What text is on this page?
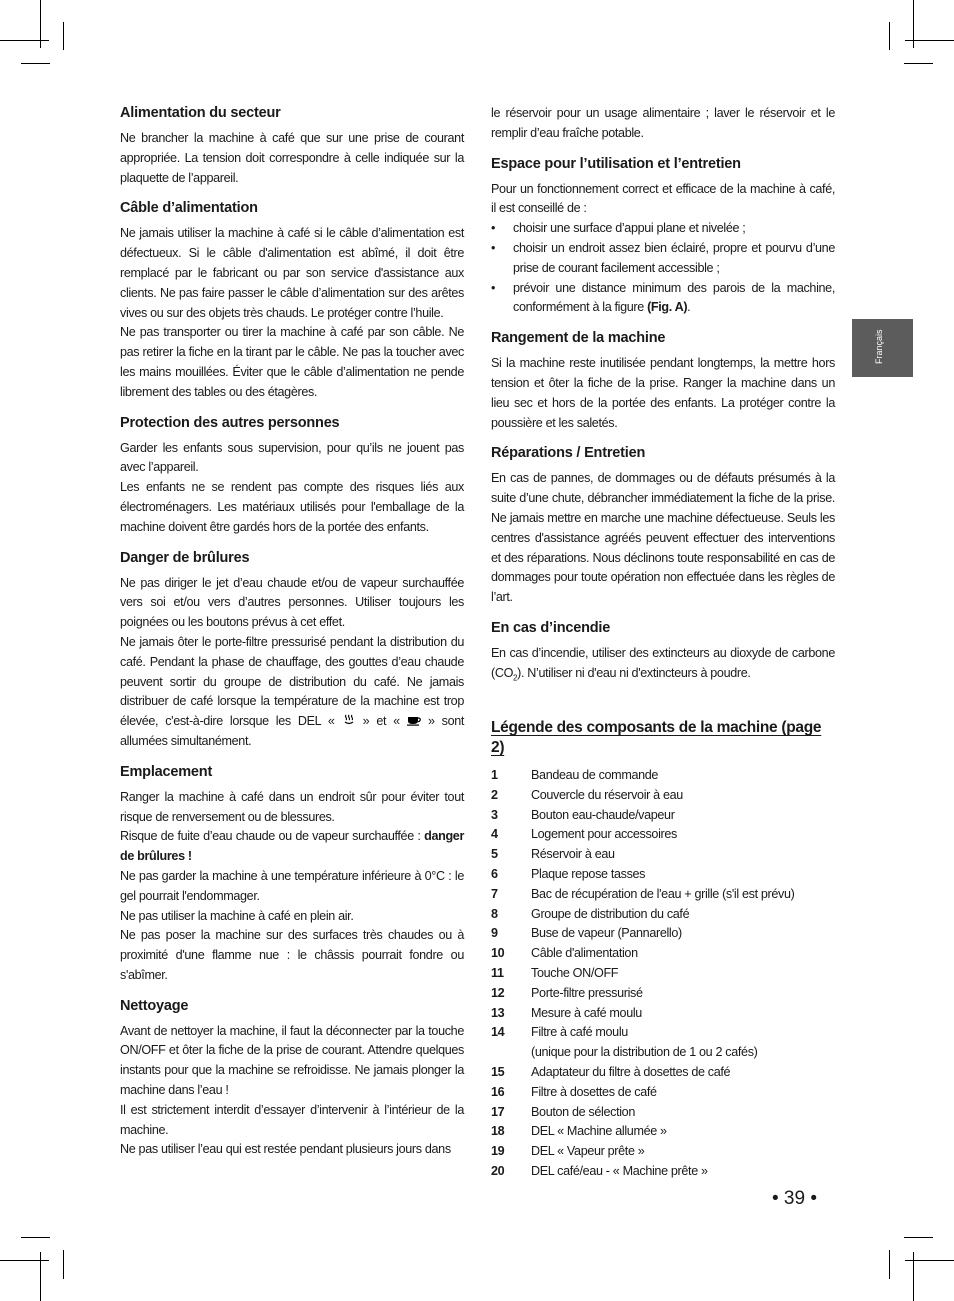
Français
Alimentation du secteur

Ne brancher la machine à café que sur une prise de courant appropriée. La tension doit correspondre à celle indiquée sur la plaquette de l’appareil.

Câble d’alimentation

Ne jamais utiliser la machine à café si le câble d’alimentation est défectueux. Si le câble d'alimentation est abîmé, il doit être remplacé par le fabricant ou par son service d'assistance aux clients. Ne pas faire passer le câble d’alimentation sur des arêtes vives ou sur des objets très chauds. Le protéger contre l’huile.

Ne pas transporter ou tirer la machine à café par son câble. Ne pas retirer la fiche en la tirant par le câble. Ne pas la toucher avec les mains mouillées. Éviter que le câble d’alimentation ne pende librement des tables ou des étagères.

Protection des autres personnes

Garder les enfants sous supervision, pour qu’ils ne jouent pas avec l’appareil.

Les enfants ne se rendent pas compte des risques liés aux électroménagers. Les matériaux utilisés pour l'emballage de la machine doivent être gardés hors de la portée des enfants.

Danger de brûlures

Ne pas diriger le jet d’eau chaude et/ou de vapeur surchauffée vers soi et/ou vers d’autres personnes. Utiliser toujours les poignées ou les boutons prévus à cet effet.

Ne jamais ôter le porte-filtre pressurisé pendant la distribution du café. Pendant la phase de chauffage, des gouttes d’eau chaude peuvent sortir du groupe de distribution du café. Ne jamais distribuer de café lorsque la température de la machine est trop élevée, c'est-à-dire lorsque les DEL « » et « » sont allumées simultanément.

Emplacement

Ranger la machine à café dans un endroit sûr pour éviter tout risque de renversement ou de blessures.

Risque de fuite d’eau chaude ou de vapeur surchauffée : danger de brûlures !

Ne pas garder la machine à une température inférieure à 0°C : le gel pourrait l'endommager.

Ne pas utiliser la machine à café en plein air.

Ne pas poser la machine sur des surfaces très chaudes ou à proximité d'une flamme nue : le châssis pourrait fondre ou s'abîmer.

Nettoyage

Avant de nettoyer la machine, il faut la déconnecter par la touche ON/OFF et ôter la fiche de la prise de courant. Attendre quelques instants pour que la machine se refroidisse. Ne jamais plonger la machine dans l’eau !

Il est strictement interdit d’essayer d’intervenir à l’intérieur de la machine.

Ne pas utiliser l’eau qui est restée pendant plusieurs jours dans

le réservoir pour un usage alimentaire ; laver le réservoir et le remplir d’eau fraîche potable.

Espace pour l’utilisation et l’entretien

Pour un fonctionnement correct et efficace de la machine à café, il est conseillé de :

• choisir une surface d’appui plane et nivelée ;
• choisir un endroit assez bien éclairé, propre et pourvu d’une prise de courant facilement accessible ;
• prévoir une distance minimum des parois de la machine, conformément à la figure (Fig. A).
Rangement de la machine

Si la machine reste inutilisée pendant longtemps, la mettre hors tension et ôter la fiche de la prise. Ranger la machine dans un lieu sec et hors de la portée des enfants. La protéger contre la poussière et les saletés.

Réparations / Entretien

En cas de pannes, de dommages ou de défauts présumés à la suite d’une chute, débrancher immédiatement la fiche de la prise. Ne jamais mettre en marche une machine défectueuse. Seuls les centres d'assistance agréés peuvent effectuer des interventions et des réparations. Nous déclinons toute responsabilité en cas de dommages pour toute opération non effectuée dans les règles de l’art.

En cas d’incendie

En cas d’incendie, utiliser des extincteurs au dioxyde de carbone $(CO_2)$. N’utiliser ni d'eau ni d'extincteurs à poudre.

Légende des composants de la machine (page 2)
1	Bandeau de commande
2	Couvercle du réservoir à eau
3	Bouton eau-chaude/vapeur
4	Logement pour accessoires
5	Réservoir à eau
6	Plaque repose tasses
7	Bac de récupération de l'eau + grille (s'il est prévu)
8	Groupe de distribution du café
9	Buse de vapeur (Pannarello)
10	Câble d'alimentation
11	Touche ON/OFF
12	Porte-filtre pressurisé
13	Mesure à café moulu
14	Filtre à café moulu
(unique pour la distribution de 1 ou 2 cafés)
15	Adaptateur du filtre à dosettes de café
16	Filtre à dosettes de café
17	Bouton de sélection
18	DEL « Machine allumée »
19	DEL « Vapeur prête »
20	DEL café/eau - « Machine prête »
• 39 •
